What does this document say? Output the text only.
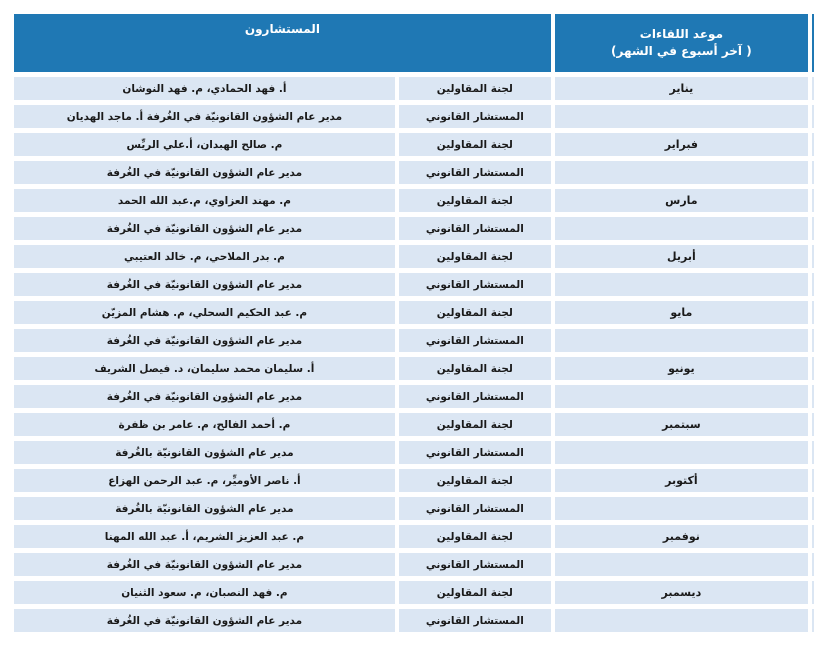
	موعد اللقاءات
( آخر أسبوع في الشهر)	المستشارون	
	يناير	لجنة المقاولين	أ. فهد الحمادي، م. فهد النوشان
		المستشار القانوني	مدير عام الشؤون القانونيّة في الغُرفة أ. ماجد الهديان
	فبراير	لجنة المقاولين	م. صالح الهبدان، أ.علي الريِّس
		المستشار القانوني	مدير عام الشؤون القانونيّة في الغُرفة
	مارس	لجنة المقاولين	م. مهند العزاوي، م.عبد الله الحمد
		المستشار القانوني	مدير عام الشؤون القانونيّة في الغُرفة
	أبريل	لجنة المقاولين	م. بدر الملاحي، م. خالد العتيبي
		المستشار القانوني	مدير عام الشؤون القانونيّة في الغُرفة
	مايو	لجنة المقاولين	م. عبد الحكيم السحلي، م. هشام المزيّن
		المستشار القانوني	مدير عام الشؤون القانونيّة في الغُرفة
	يونيو	لجنة المقاولين	أ. سليمان محمد سليمان، د. فيصل الشريف
		المستشار القانوني	مدير عام الشؤون القانونيّة في الغُرفة
	سبتمبر	لجنة المقاولين	م. أحمد الفالح، م. عامر بن ظفرة
		المستشار القانوني	مدير عام الشؤون القانونيّة بالغُرفة
	أكتوبر	لجنة المقاولين	أ. ناصر الأوميِّر، م. عبد الرحمن الهزاع
		المستشار القانوني	مدير عام الشؤون القانونيّة بالغُرفة
	نوفمبر	لجنة المقاولين	م. عبد العزيز الشريم، أ. عبد الله المهنا
		المستشار القانوني	مدير عام الشؤون القانونيّة في الغُرفة
	ديسمبر	لجنة المقاولين	م. فهد النصبان، م. سعود الثنيان
		المستشار القانوني	مدير عام الشؤون القانونيّة في الغُرفة
